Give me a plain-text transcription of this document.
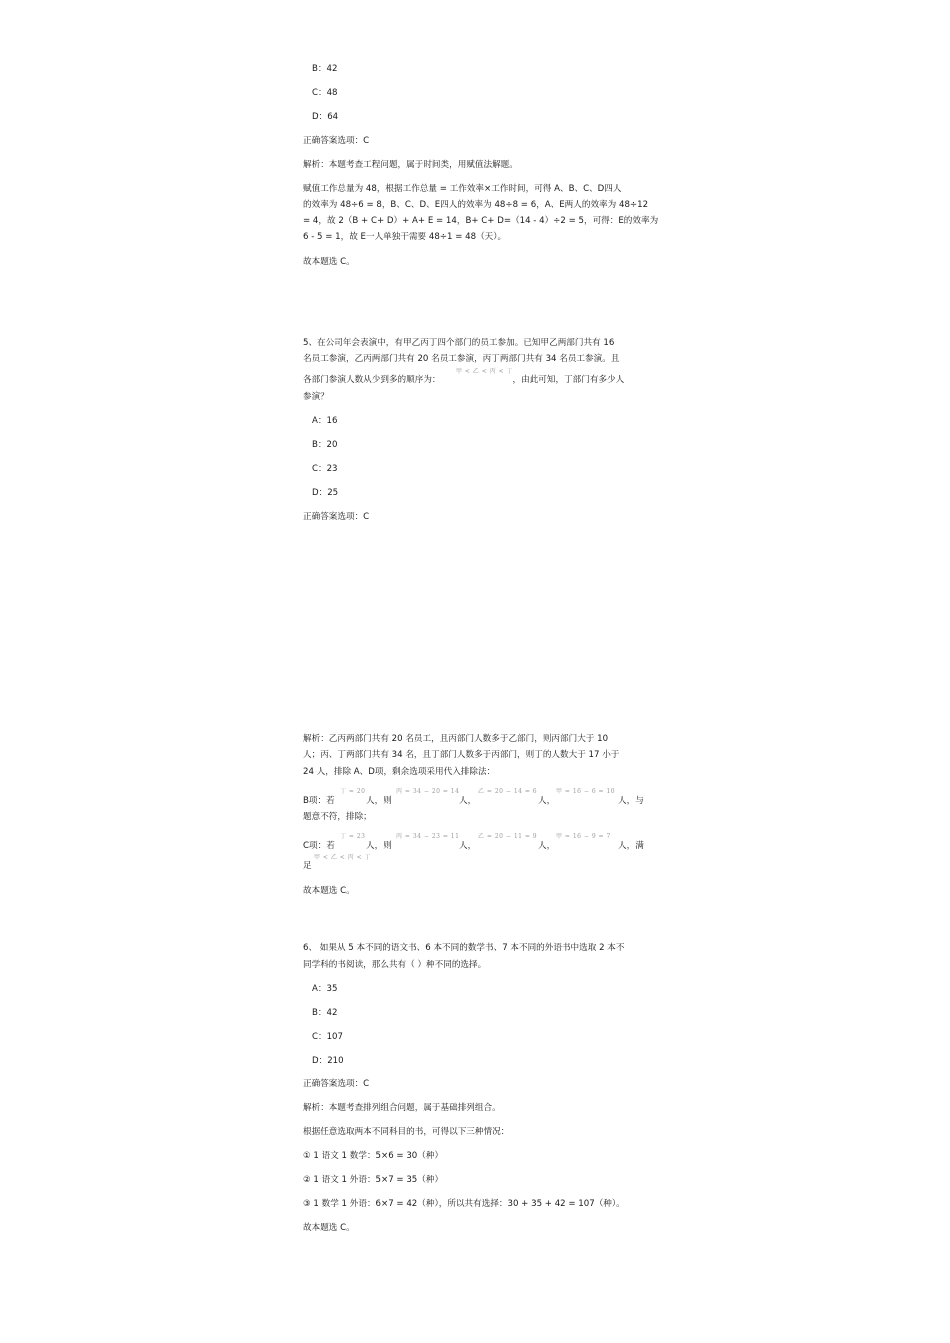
B：42
C：48
D：64
正确答案选项：C
解析：本题考查工程问题，属于时间类，用赋值法解题。
赋值工作总量为 48，根据工作总量 = 工作效率×工作时间，可得 A、B、C、D四人
的效率为 48÷6 = 8，B、C、D、E四人的效率为 48÷8 = 6，A、E两人的效率为 48÷12
= 4，故 2（B + C+ D）+ A+ E = 14，B+ C+ D=（14 - 4）÷2 = 5，可得：E的效率为
6 - 5 = 1，故 E一人单独干需要 48÷1 = 48（天）。
故本题选 C。
5、在公司年会表演中，有甲乙丙丁四个部门的员工参加。已知甲乙两部门共有 16
名员工参演，乙丙两部门共有 20 名员工参演，丙丁两部门共有 34 名员工参演。且
甲 < 乙 < 丙 < 丁
各部门参演人数从少到多的顺序为：	，由此可知，丁部门有多少人
参演？
A：16
B：20
C：23
D：25
正确答案选项：C
解析：乙丙两部门共有 20 名员工，且丙部门人数多于乙部门，则丙部门大于 10
人；丙、丁两部门共有 34 名，且丁部门人数多于丙部门，则丁的人数大于 17 小于
24 人，排除 A、D项，剩余选项采用代入排除法：
丁 = 20	丙 = 34 − 20 = 14	乙 = 20 − 14 = 6	甲 = 16 − 6 = 10
B项：若	人，则	人，	人，	人，与
题意不符，排除；
丁 = 23	丙 = 34 − 23 = 11	乙 = 20 − 11 = 9	甲 = 16 − 9 = 7
C项：若	人，则	人，	人，	人，满
甲 < 乙 < 丙 < 丁
足
故本题选 C。
6、 如果从 5 本不同的语文书、6 本不同的数学书、7 本不同的外语书中选取 2 本不
同学科的书阅读，那么共有（ ）种不同的选择。
A：35
B：42
C：107
D：210
正确答案选项：C
解析：本题考查排列组合问题，属于基础排列组合。
根据任意选取两本不同科目的书，可得以下三种情况：
① 1 语文 1 数学：5×6 = 30（种）
② 1 语文 1 外语：5×7 = 35（种）
③ 1 数学 1 外语：6×7 = 42（种），所以共有选择：30 + 35 + 42 = 107（种）。
故本题选 C。
